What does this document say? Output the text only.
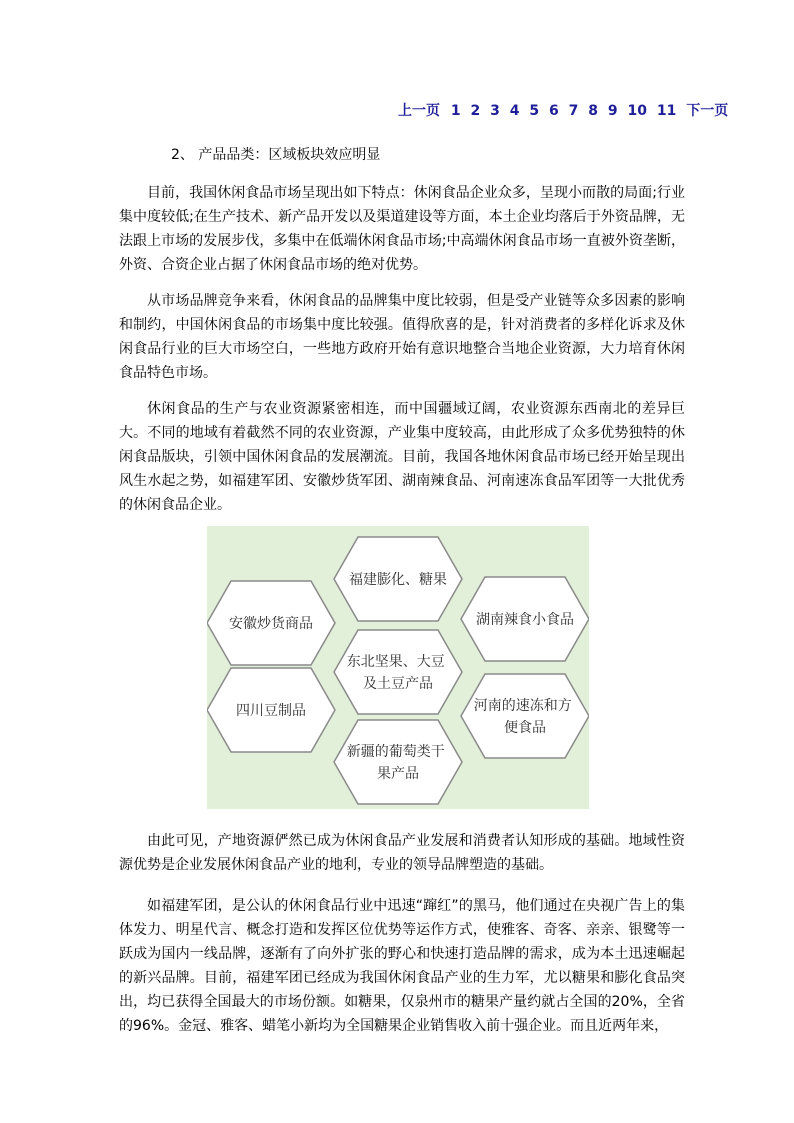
上一页 1 2 3 4 5 6 7 8 9 10 11 下一页
2、 产品品类：区域板块效应明显

目前，我国休闲食品市场呈现出如下特点：休闲食品企业众多，呈现小而散的局面;行业集中度较低;在生产技术、新产品开发以及渠道建设等方面，本土企业均落后于外资品牌，无法跟上市场的发展步伐，多集中在低端休闲食品市场;中高端休闲食品市场一直被外资垄断，外资、合资企业占据了休闲食品市场的绝对优势。

从市场品牌竞争来看，休闲食品的品牌集中度比较弱，但是受产业链等众多因素的影响和制约，中国休闲食品的市场集中度比较强。值得欣喜的是，针对消费者的多样化诉求及休闲食品行业的巨大市场空白，一些地方政府开始有意识地整合当地企业资源，大力培育休闲食品特色市场。

休闲食品的生产与农业资源紧密相连，而中国疆域辽阔，农业资源东西南北的差异巨大。不同的地域有着截然不同的农业资源，产业集中度较高，由此形成了众多优势独特的休闲食品版块，引领中国休闲食品的发展潮流。目前，我国各地休闲食品市场已经开始呈现出风生水起之势，如福建军团、安徽炒货军团、湖南辣食品、河南速冻食品军团等一大批优秀的休闲食品企业。

福建膨化、糖果
安徽炒货商品	湖南辣食小食品
东北坚果、大豆 及土豆产品
四川豆制品	河南的速冻和方 便食品
新疆的葡萄类干 果产品

由此可见，产地资源俨然已成为休闲食品产业发展和消费者认知形成的基础。地域性资源优势是企业发展休闲食品产业的地利，专业的领导品牌塑造的基础。

如福建军团，是公认的休闲食品行业中迅速“蹿红”的黑马，他们通过在央视广告上的集体发力、明星代言、概念打造和发挥区位优势等运作方式，使雅客、奇客、亲亲、银鹭等一跃成为国内一线品牌，逐渐有了向外扩张的野心和快速打造品牌的需求，成为本土迅速崛起的新兴品牌。目前，福建军团已经成为我国休闲食品产业的生力军，尤以糖果和膨化食品突出，均已获得全国最大的市场份额。如糖果，仅泉州市的糖果产量约就占全国的20%，全省的96%。金冠、雅客、蜡笔小新均为全国糖果企业销售收入前十强企业。而且近两年来，
